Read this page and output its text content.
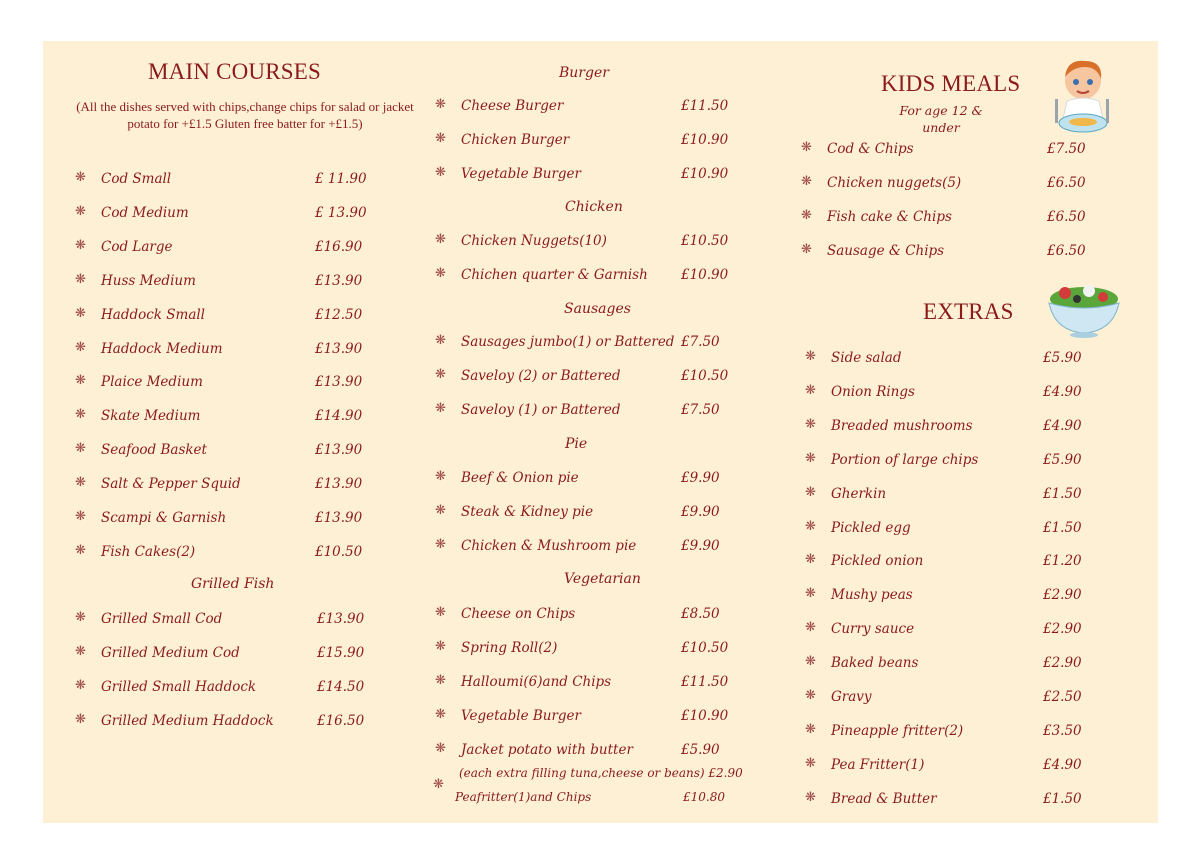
MAIN COURSES
(All the dishes served with chips,change chips for salad or jacket potato for +£1.5 Gluten free batter for +£1.5)
❋ Cod Small	£ 11.90
❋ Cod Medium	£ 13.90
❋ Cod Large	£16.90
❋ Huss Medium	£13.90
❋ Haddock Small	£12.50
❋ Haddock Medium	£13.90
❋ Plaice Medium	£13.90
❋ Skate Medium	£14.90
❋ Seafood Basket	£13.90
❋ Salt & Pepper Squid	£13.90
❋ Scampi & Garnish	£13.90
❋ Fish Cakes(2)	£10.50
Grilled Fish
❋ Grilled Small Cod	£13.90
❋ Grilled Medium Cod	£15.90
❋ Grilled Small Haddock	£14.50
❋ Grilled Medium Haddock	£16.50
Burger
❋ Cheese Burger	£11.50
❋ Chicken Burger	£10.90
❋ Vegetable Burger	£10.90
Chicken
❋ Chicken Nuggets(10)	£10.50
❋ Chichen quarter & Garnish £10.90
Sausages
❋ Sausages jumbo(1) or Battered £7.50
❋ Saveloy (2) or Battered	£10.50
❋ Saveloy (1) or Battered	£7.50
Pie
❋ Beef & Onion pie	£9.90
❋ Steak & Kidney pie	£9.90
❋ Chicken & Mushroom pie	£9.90
Vegetarian
❋ Cheese on Chips	£8.50
❋ Spring Roll(2)	£10.50
❋ Halloumi(6)and Chips	£11.50
❋ Vegetable Burger	£10.90
❋ Jacket potato with butter	£5.90
❋
(each extra filling tuna,cheese or beans) £2.90
Peafritter(1)and Chips	£10.80
KIDS MEALS
For age 12 & under
❋ Cod & Chips	£7.50
❋ Chicken nuggets(5)	£6.50
❋ Fish cake & Chips	£6.50
❋ Sausage & Chips	£6.50
EXTRAS
❋ Side salad	£5.90
❋ Onion Rings	£4.90
❋ Breaded mushrooms	£4.90
❋ Portion of large chips	£5.90
❋ Gherkin	£1.50
❋ Pickled egg	£1.50
❋ Pickled onion	£1.20
❋ Mushy peas	£2.90
❋ Curry sauce	£2.90
❋ Baked beans	£2.90
❋ Gravy	£2.50
❋ Pineapple fritter(2)	£3.50
❋ Pea Fritter(1)	£4.90
❋ Bread & Butter	£1.50
